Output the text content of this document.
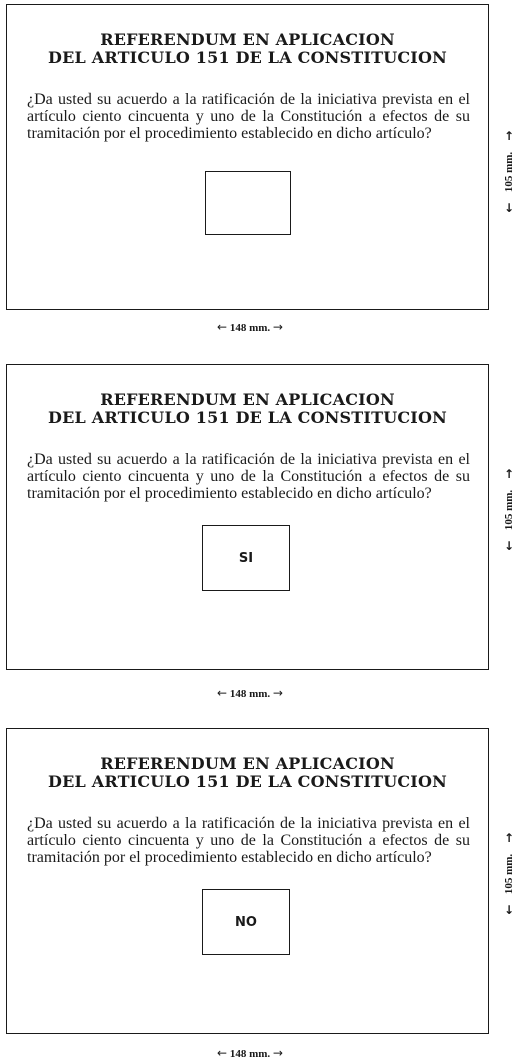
REFERENDUM EN APLICACION
DEL ARTICULO 151 DE LA CONSTITUCION
¿Da usted su acuerdo a la ratificación de la iniciativa prevista en el artículo ciento cincuenta y uno de la Constitución a efectos de su tramitación por el procedimiento establecido en dicho artículo?	↑
105 mm.
↓
← 148 mm. →
REFERENDUM EN APLICACION
DEL ARTICULO 151 DE LA CONSTITUCION
¿Da usted su acuerdo a la ratificación de la iniciativa prevista en el artículo ciento cincuenta y uno de la Constitución a efectos de su tramitación por el procedimiento establecido en dicho artículo?
SI
↑
105 mm.
↓
← 148 mm. →
REFERENDUM EN APLICACION
DEL ARTICULO 151 DE LA CONSTITUCION
¿Da usted su acuerdo a la ratificación de la iniciativa prevista en el artículo ciento cincuenta y uno de la Constitución a efectos de su tramitación por el procedimiento establecido en dicho artículo?
NO
↑
105 mm.
↓
← 148 mm. →
